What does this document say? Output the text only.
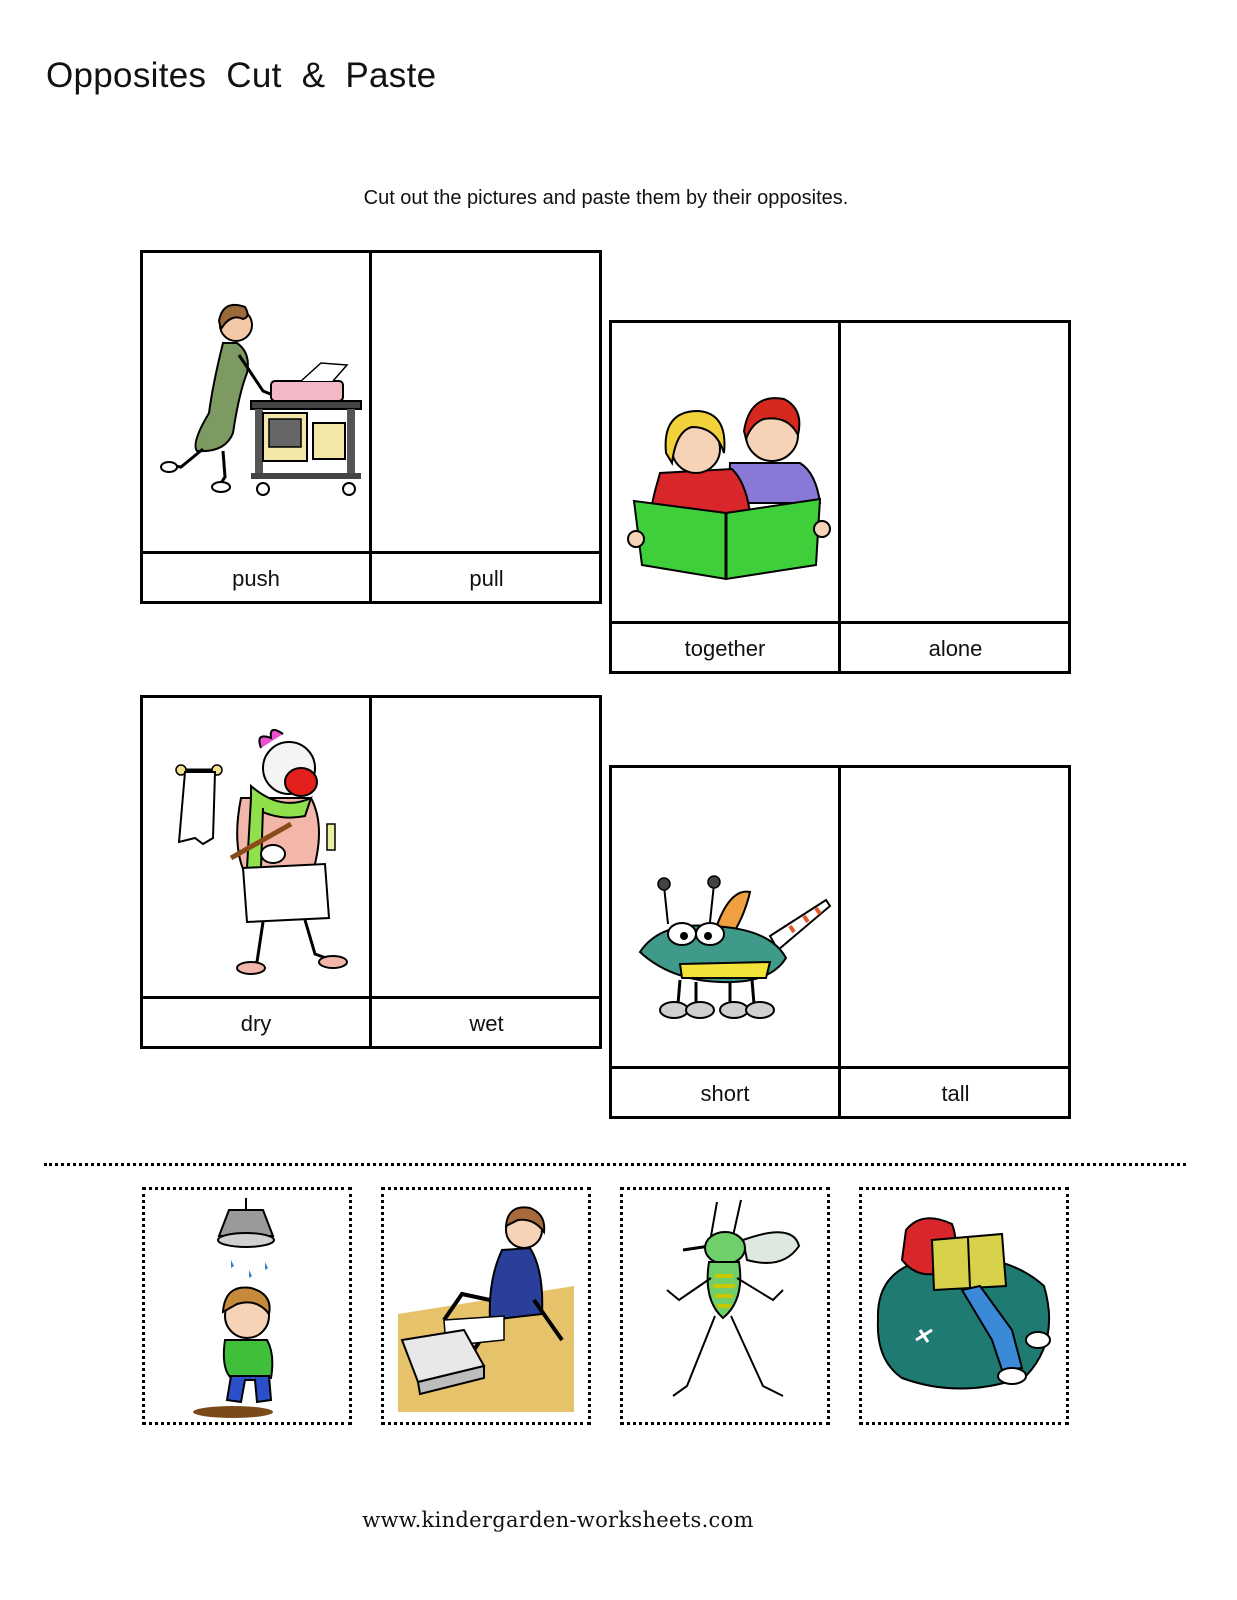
Opposites Cut & Paste
Cut out the pictures and paste them by their opposites.
push	pull
together	alone
dry	wet
short	tall
www.kindergarden-worksheets.com
